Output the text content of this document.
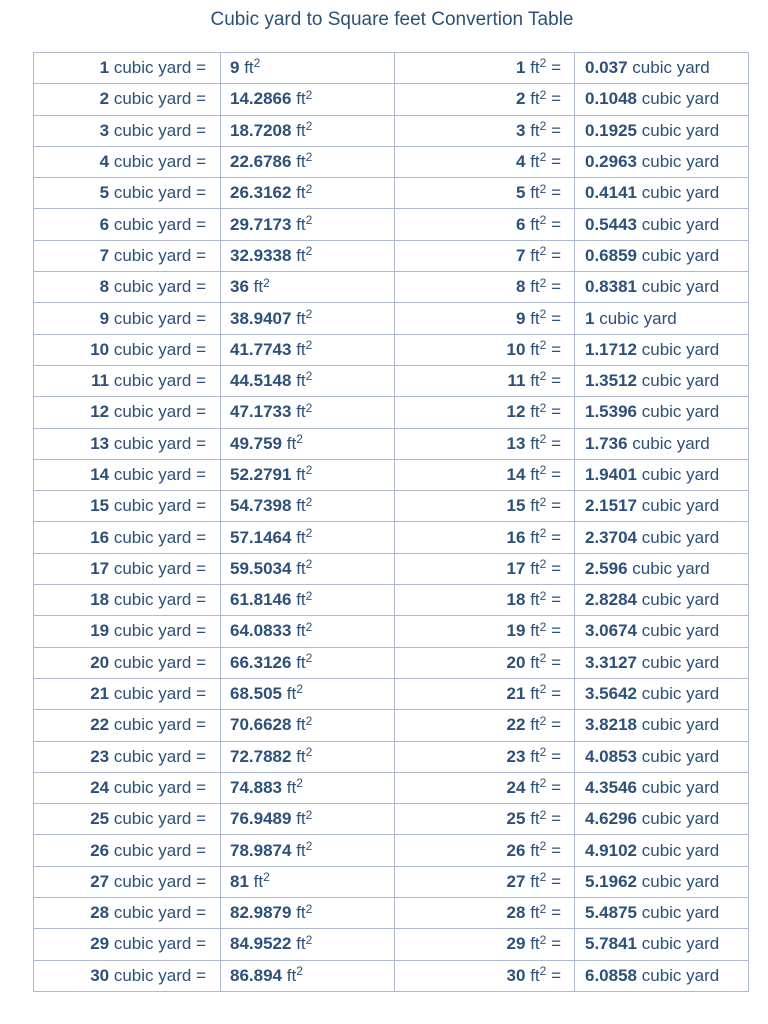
Cubic yard to Square feet Convertion Table
1 cubic yard =	9 $ft^2$	1 $ft^2$ =	0.037 cubic yard
2 cubic yard =	14.2866 $ft^2$	2 $ft^2$ =	0.1048 cubic yard
3 cubic yard =	18.7208 $ft^2$	3 $ft^2$ =	0.1925 cubic yard
4 cubic yard =	22.6786 $ft^2$	4 $ft^2$ =	0.2963 cubic yard
5 cubic yard =	26.3162 $ft^2$	5 $ft^2$ =	0.4141 cubic yard
6 cubic yard =	29.7173 $ft^2$	6 $ft^2$ =	0.5443 cubic yard
7 cubic yard =	32.9338 $ft^2$	7 $ft^2$ =	0.6859 cubic yard
8 cubic yard =	36 $ft^2$	8 $ft^2$ =	0.8381 cubic yard
9 cubic yard =	38.9407 $ft^2$	9 $ft^2$ =	1 cubic yard
10 cubic yard =	41.7743 $ft^2$	10 $ft^2$ =	1.1712 cubic yard
11 cubic yard =	44.5148 $ft^2$	11 $ft^2$ =	1.3512 cubic yard
12 cubic yard =	47.1733 $ft^2$	12 $ft^2$ =	1.5396 cubic yard
13 cubic yard =	49.759 $ft^2$	13 $ft^2$ =	1.736 cubic yard
14 cubic yard =	52.2791 $ft^2$	14 $ft^2$ =	1.9401 cubic yard
15 cubic yard =	54.7398 $ft^2$	15 $ft^2$ =	2.1517 cubic yard
16 cubic yard =	57.1464 $ft^2$	16 $ft^2$ =	2.3704 cubic yard
17 cubic yard =	59.5034 $ft^2$	17 $ft^2$ =	2.596 cubic yard
18 cubic yard =	61.8146 $ft^2$	18 $ft^2$ =	2.8284 cubic yard
19 cubic yard =	64.0833 $ft^2$	19 $ft^2$ =	3.0674 cubic yard
20 cubic yard =	66.3126 $ft^2$	20 $ft^2$ =	3.3127 cubic yard
21 cubic yard =	68.505 $ft^2$	21 $ft^2$ =	3.5642 cubic yard
22 cubic yard =	70.6628 $ft^2$	22 $ft^2$ =	3.8218 cubic yard
23 cubic yard =	72.7882 $ft^2$	23 $ft^2$ =	4.0853 cubic yard
24 cubic yard =	74.883 $ft^2$	24 $ft^2$ =	4.3546 cubic yard
25 cubic yard =	76.9489 $ft^2$	25 $ft^2$ =	4.6296 cubic yard
26 cubic yard =	78.9874 $ft^2$	26 $ft^2$ =	4.9102 cubic yard
27 cubic yard =	81 $ft^2$	27 $ft^2$ =	5.1962 cubic yard
28 cubic yard =	82.9879 $ft^2$	28 $ft^2$ =	5.4875 cubic yard
29 cubic yard =	84.9522 $ft^2$	29 $ft^2$ =	5.7841 cubic yard
30 cubic yard =	86.894 $ft^2$	30 $ft^2$ =	6.0858 cubic yard
